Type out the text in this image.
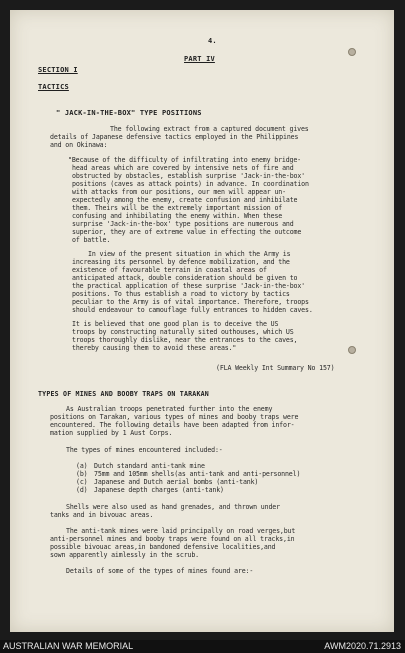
4.
PART IV
SECTION I
TACTICS
" JACK-IN-THE-BOX" TYPE POSITIONS
The following extract from a captured document gives
details of Japanese defensive tactics employed in the Philippines
and on Okinawa:
"Because of the difficulty of infiltrating into enemy bridge-
head areas which are covered by intensive nets of fire and
obstructed by obstacles, establish surprise 'Jack-in-the-box'
positions (caves as attack points) in advance. In coordination
with attacks from our positions, our men will appear un-
expectedly among the enemy, create confusion and inhibilate
them. Theirs will be the extremely important mission of
confusing and inhibilating the enemy within. When these
surprise 'Jack-in-the-box' type positions are numerous and
superior, they are of extreme value in effecting the outcome
of battle.
In view of the present situation in which the Army is
increasing its personnel by defence mobilization, and the
existence of favourable terrain in coastal areas of
anticipated attack, double consideration should be given to
the practical application of these surprise 'Jack-in-the-box'
positions. To thus establish a road to victory by tactics
peculiar to the Army is of vital importance. Therefore, troops
should endeavour to camouflage fully entrances to hidden caves.
It is believed that one good plan is to deceive the US
troops by constructing naturally sited outhouses, which US
troops thoroughly dislike, near the entrances to the caves,
thereby causing them to avoid these areas."
(FLA Weekly Int Summary No 157)
TYPES OF MINES AND BOOBY TRAPS ON TARAKAN
As Australian troops penetrated further into the enemy
positions on Tarakan, various types of mines and booby traps were
encountered. The following details have been adapted from infor-
mation supplied by 1 Aust Corps.
The types of mines encountered included:-
(a) Dutch standard anti-tank mine
(b) 75mm and 105mm shells(as anti-tank and anti-personnel)
(c) Japanese and Dutch aerial bombs (anti-tank)
(d) Japanese depth charges (anti-tank)
Shells were also used as hand grenades, and thrown under
tanks and in bivouac areas.
The anti-tank mines were laid principally on road verges,but
anti-personnel mines and booby traps were found on all tracks,in
possible bivouac areas,in bandoned defensive localities,and
sown apparently aimlessly in the scrub.
Details of some of the types of mines found are:-
AUSTRALIAN WAR MEMORIAL	AWM2020.71.2913
